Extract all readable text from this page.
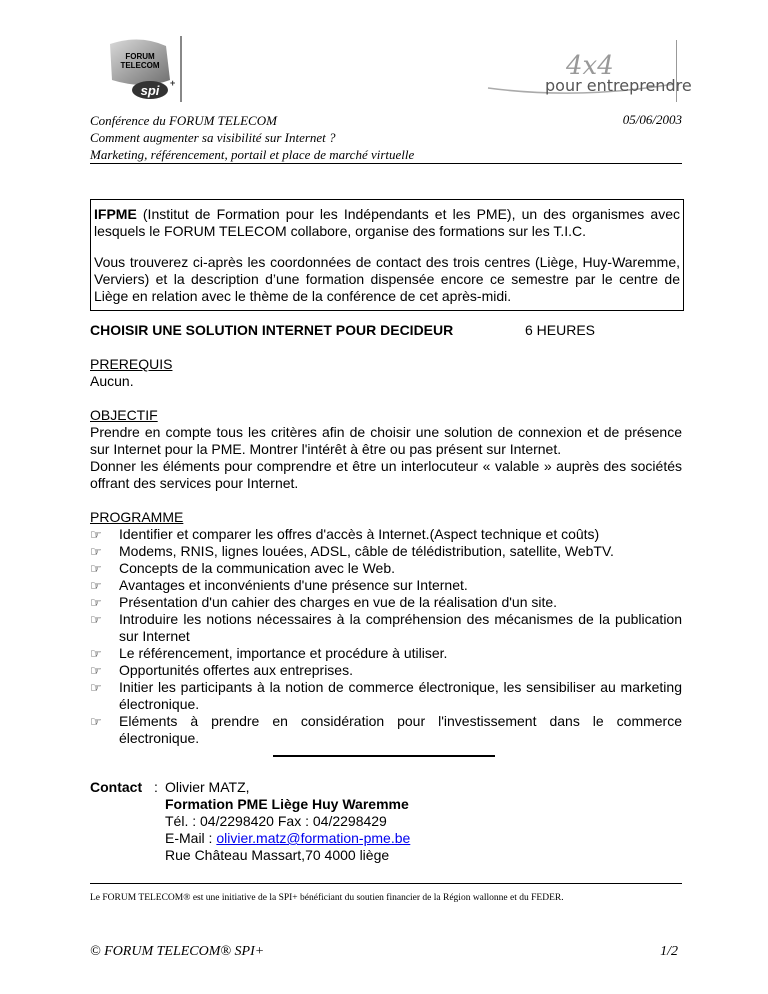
FORUM
TELECOM
spi +
4x4
pour entreprendre
Conférence du FORUM TELECOM
Comment augmenter sa visibilité sur Internet ?
Marketing, référencement, portail et place de marché virtuelle
05/06/2003

IFPME (Institut de Formation pour les Indépendants et les PME), un des organismes avec lesquels le FORUM TELECOM collabore, organise des formations sur les T.I.C.

Vous trouverez ci-après les coordonnées de contact des trois centres (Liège, Huy-Waremme, Verviers) et la description d’une formation dispensée encore ce semestre par le centre de Liège en relation avec le thème de la conférence de cet après-midi.

CHOISIR UNE SOLUTION INTERNET POUR DECIDEUR	6 HEURES
PREREQUIS
Aucun.
OBJECTIF
Prendre en compte tous les critères afin de choisir une solution de connexion et de présence sur Internet pour la PME. Montrer l'intérêt à être ou pas présent sur Internet.
Donner les éléments pour comprendre et être un interlocuteur « valable » auprès des sociétés offrant des services pour Internet.
PROGRAMME
☞ Identifier et comparer les offres d'accès à Internet.(Aspect technique et coûts)
☞ Modems, RNIS, lignes louées, ADSL, câble de télédistribution, satellite, WebTV.
☞ Concepts de la communication avec le Web.
☞ Avantages et inconvénients d'une présence sur Internet.
☞ Présentation d'un cahier des charges en vue de la réalisation d'un site.
☞ Introduire les notions nécessaires à la compréhension des mécanismes de la publication sur Internet
☞ Le référencement, importance et procédure à utiliser.
☞ Opportunités offertes aux entreprises.
☞ Initier les participants à la notion de commerce électronique, les sensibiliser au marketing électronique.
☞ Eléments à prendre en considération pour l'investissement dans le commerce électronique.
Contact : Olivier MATZ,
Formation PME Liège Huy Waremme
Tél. : 04/2298420 Fax : 04/2298429
E-Mail : olivier.matz@formation-pme.be
Rue Château Massart,70 4000 liège
Le FORUM TELECOM® est une initiative de la SPI+ bénéficiant du soutien financier de la Région wallonne et du FEDER.
© FORUM TELECOM® SPI+	1/2
